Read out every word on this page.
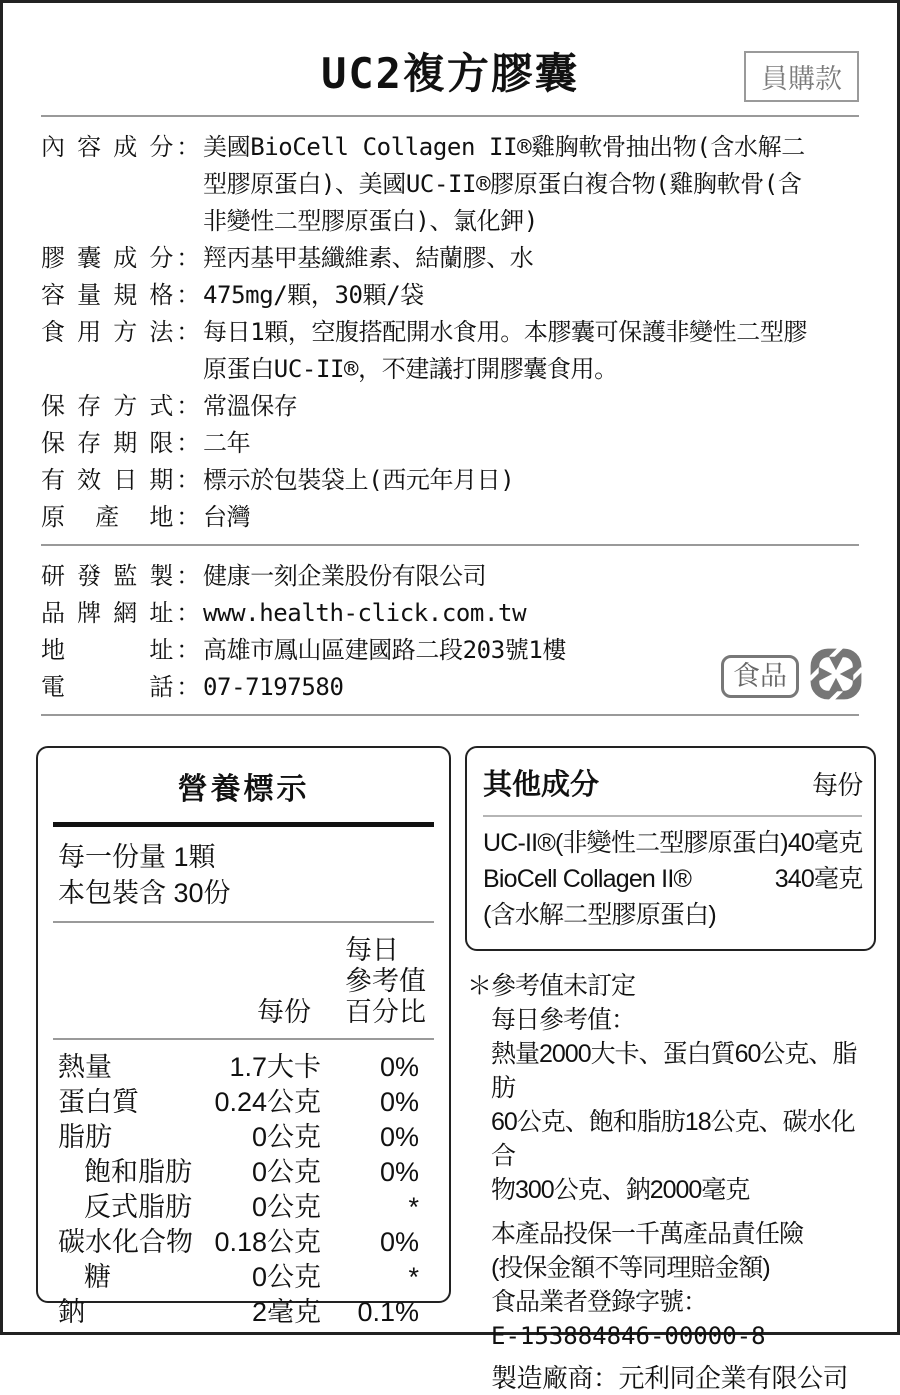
UC2複方膠囊	員購款
內容成分 ： 美國BioCell Collagen II®雞胸軟骨抽出物(含水解二
型膠原蛋白)、美國UC-II®膠原蛋白複合物(雞胸軟骨(含
非變性二型膠原蛋白)、氯化鉀)
膠囊成分 ： 羥丙基甲基纖維素、結蘭膠、水
容量規格 ： 475mg/顆，30顆/袋
食用方法 ： 每日1顆，空腹搭配開水食用。本膠囊可保護非變性二型膠
原蛋白UC-II®，不建議打開膠囊食用。
保存方式 ： 常溫保存
保存期限 ： 二年
有效日期 ： 標示於包裝袋上(西元年月日)
原產地 ： 台灣
研發監製 ： 健康一刻企業股份有限公司
品牌網址 ： www.health-click.com.tw
地址 ： 高雄市鳳山區建國路二段203號1樓
電話 ： 07-7197580	食品
營養標示
每一份量 1顆
本包裝含 30份
每份
每日
參考值
百分比
熱量	1.7大卡	0%
蛋白質	0.24公克	0%
脂肪	0公克	0%
飽和脂肪	0公克	0%
反式脂肪	0公克	*
碳水化合物 0.18公克	0%
糖	0公克	*
鈉	2毫克	0.1%
其他成分	每份
UC-II®(非變性二型膠原蛋白) 40毫克
BioCell Collagen II®	340毫克
(含水解二型膠原蛋白)
＊參考值未訂定
每日參考值：
熱量2000大卡、蛋白質60公克、脂肪
60公克、飽和脂肪18公克、碳水化合
物300公克、鈉2000毫克
本產品投保一千萬產品責任險
(投保金額不等同理賠金額)
食品業者登錄字號：
E-153884846-00000-8
製造廠商：元利同企業有限公司
